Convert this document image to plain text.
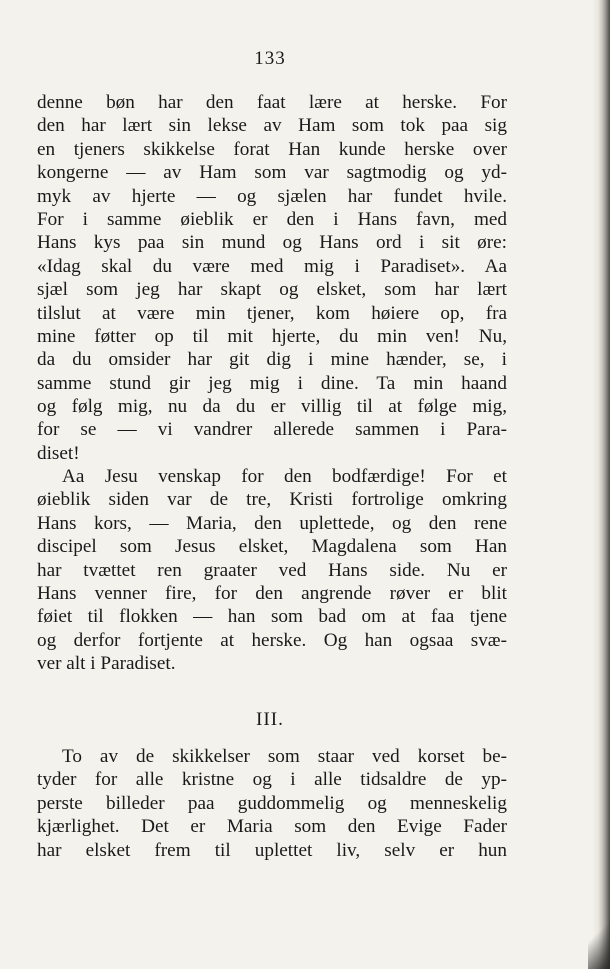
133
denne bøn har den faat lære at herske. For
den har lært sin lekse av Ham som tok paa sig
en tjeners skikkelse forat Han kunde herske over
kongerne — av Ham som var sagtmodig og yd-
myk av hjerte — og sjælen har fundet hvile.
For i samme øieblik er den i Hans favn, med
Hans kys paa sin mund og Hans ord i sit øre:
«Idag skal du være med mig i Paradiset». Aa
sjæl som jeg har skapt og elsket, som har lært
tilslut at være min tjener, kom høiere op, fra
mine føtter op til mit hjerte, du min ven! Nu,
da du omsider har git dig i mine hænder, se, i
samme stund gir jeg mig i dine. Ta min haand
og følg mig, nu da du er villig til at følge mig,
for se — vi vandrer allerede sammen i Para-
diset!
Aa Jesu venskap for den bodfærdige! For et
øieblik siden var de tre, Kristi fortrolige omkring
Hans kors, — Maria, den uplettede, og den rene
discipel som Jesus elsket, Magdalena som Han
har tvættet ren graater ved Hans side. Nu er
Hans venner fire, for den angrende røver er blit
føiet til flokken — han som bad om at faa tjene
og derfor fortjente at herske. Og han ogsaa svæ-
ver alt i Paradiset.
III.
To av de skikkelser som staar ved korset be-
tyder for alle kristne og i alle tidsaldre de yp-
perste billeder paa guddommelig og menneskelig
kjærlighet. Det er Maria som den Evige Fader
har elsket frem til uplettet liv, selv er hun
